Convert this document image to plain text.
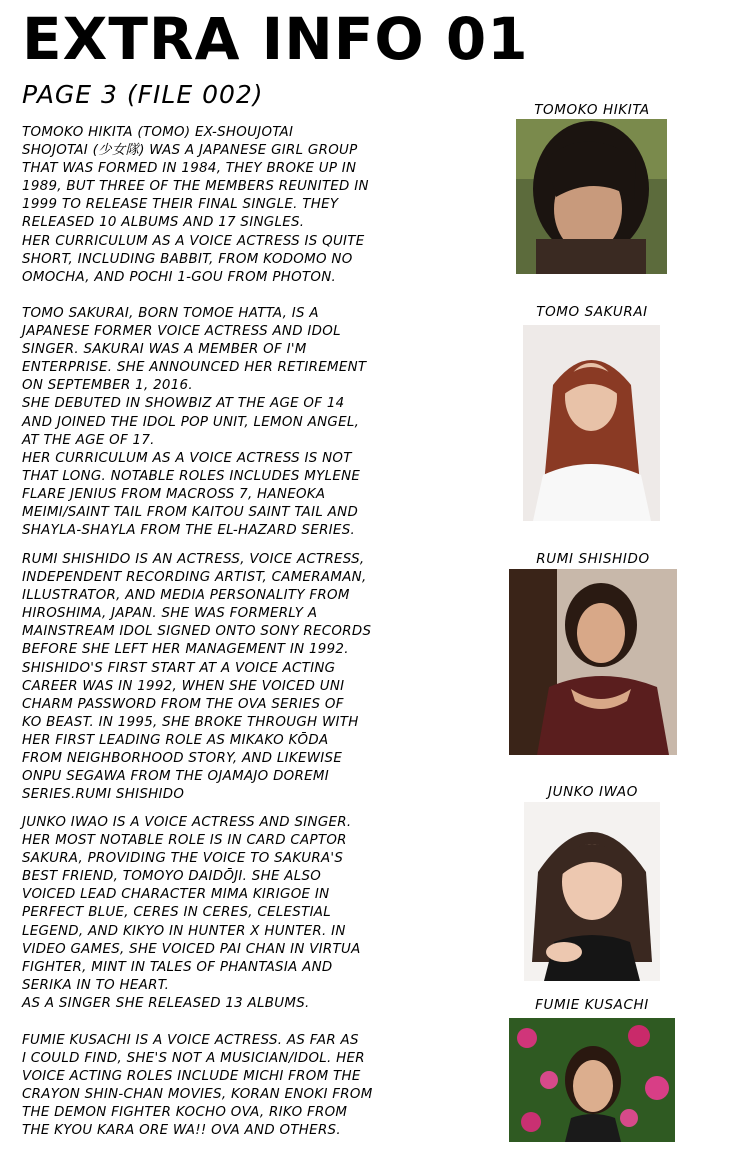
EXTRA INFO 01
PAGE 3 (FILE 002)

TOMOKO HIKITA (TOMO) EX-SHOUJOTAI
SHOJOTAI (少女隊) WAS A JAPANESE GIRL GROUP
THAT WAS FORMED IN 1984, THEY BROKE UP IN
1989, BUT THREE OF THE MEMBERS REUNITED IN
1999 TO RELEASE THEIR FINAL SINGLE. THEY
RELEASED 10 ALBUMS AND 17 SINGLES.
HER CURRICULUM AS A VOICE ACTRESS IS QUITE
SHORT, INCLUDING BABBIT, FROM KODOMO NO
OMOCHA, AND POCHI 1-GOU FROM PHOTON.

TOMOKO HIKITA

TOMO SAKURAI, BORN TOMOE HATTA, IS A
JAPANESE FORMER VOICE ACTRESS AND IDOL
SINGER. SAKURAI WAS A MEMBER OF I'M
ENTERPRISE. SHE ANNOUNCED HER RETIREMENT
ON SEPTEMBER 1, 2016.
SHE DEBUTED IN SHOWBIZ AT THE AGE OF 14
AND JOINED THE IDOL POP UNIT, LEMON ANGEL,
AT THE AGE OF 17.
HER CURRICULUM AS A VOICE ACTRESS IS NOT
THAT LONG. NOTABLE ROLES INCLUDES MYLENE
FLARE JENIUS FROM MACROSS 7, HANEOKA
MEIMI/SAINT TAIL FROM KAITOU SAINT TAIL AND
SHAYLA-SHAYLA FROM THE EL-HAZARD SERIES.

TOMO SAKURAI

RUMI SHISHIDO IS AN ACTRESS, VOICE ACTRESS,
INDEPENDENT RECORDING ARTIST, CAMERAMAN,
ILLUSTRATOR, AND MEDIA PERSONALITY FROM
HIROSHIMA, JAPAN. SHE WAS FORMERLY A
MAINSTREAM IDOL SIGNED ONTO SONY RECORDS
BEFORE SHE LEFT HER MANAGEMENT IN 1992.
SHISHIDO'S FIRST START AT A VOICE ACTING
CAREER WAS IN 1992, WHEN SHE VOICED UNI
CHARM PASSWORD FROM THE OVA SERIES OF
KO BEAST. IN 1995, SHE BROKE THROUGH WITH
HER FIRST LEADING ROLE AS MIKAKO KŌDA
FROM NEIGHBORHOOD STORY, AND LIKEWISE
ONPU SEGAWA FROM THE OJAMAJO DOREMI
SERIES.RUMI SHISHIDO

RUMI SHISHIDO

JUNKO IWAO IS A VOICE ACTRESS AND SINGER.
HER MOST NOTABLE ROLE IS IN CARD CAPTOR
SAKURA, PROVIDING THE VOICE TO SAKURA'S
BEST FRIEND, TOMOYO DAIDŌJI. SHE ALSO
VOICED LEAD CHARACTER MIMA KIRIGOE IN
PERFECT BLUE, CERES IN CERES, CELESTIAL
LEGEND, AND KIKYO IN HUNTER X HUNTER. IN
VIDEO GAMES, SHE VOICED PAI CHAN IN VIRTUA
FIGHTER, MINT IN TALES OF PHANTASIA AND
SERIKA IN TO HEART.
AS A SINGER SHE RELEASED 13 ALBUMS.

JUNKO IWAO

FUMIE KUSACHI IS A VOICE ACTRESS. AS FAR AS
I COULD FIND, SHE'S NOT A MUSICIAN/IDOL. HER
VOICE ACTING ROLES INCLUDE MICHI FROM THE
CRAYON SHIN-CHAN MOVIES, KORAN ENOKI FROM
THE DEMON FIGHTER KOCHO OVA, RIKO FROM
THE KYOU KARA ORE WA!! OVA AND OTHERS.

FUMIE KUSACHI
